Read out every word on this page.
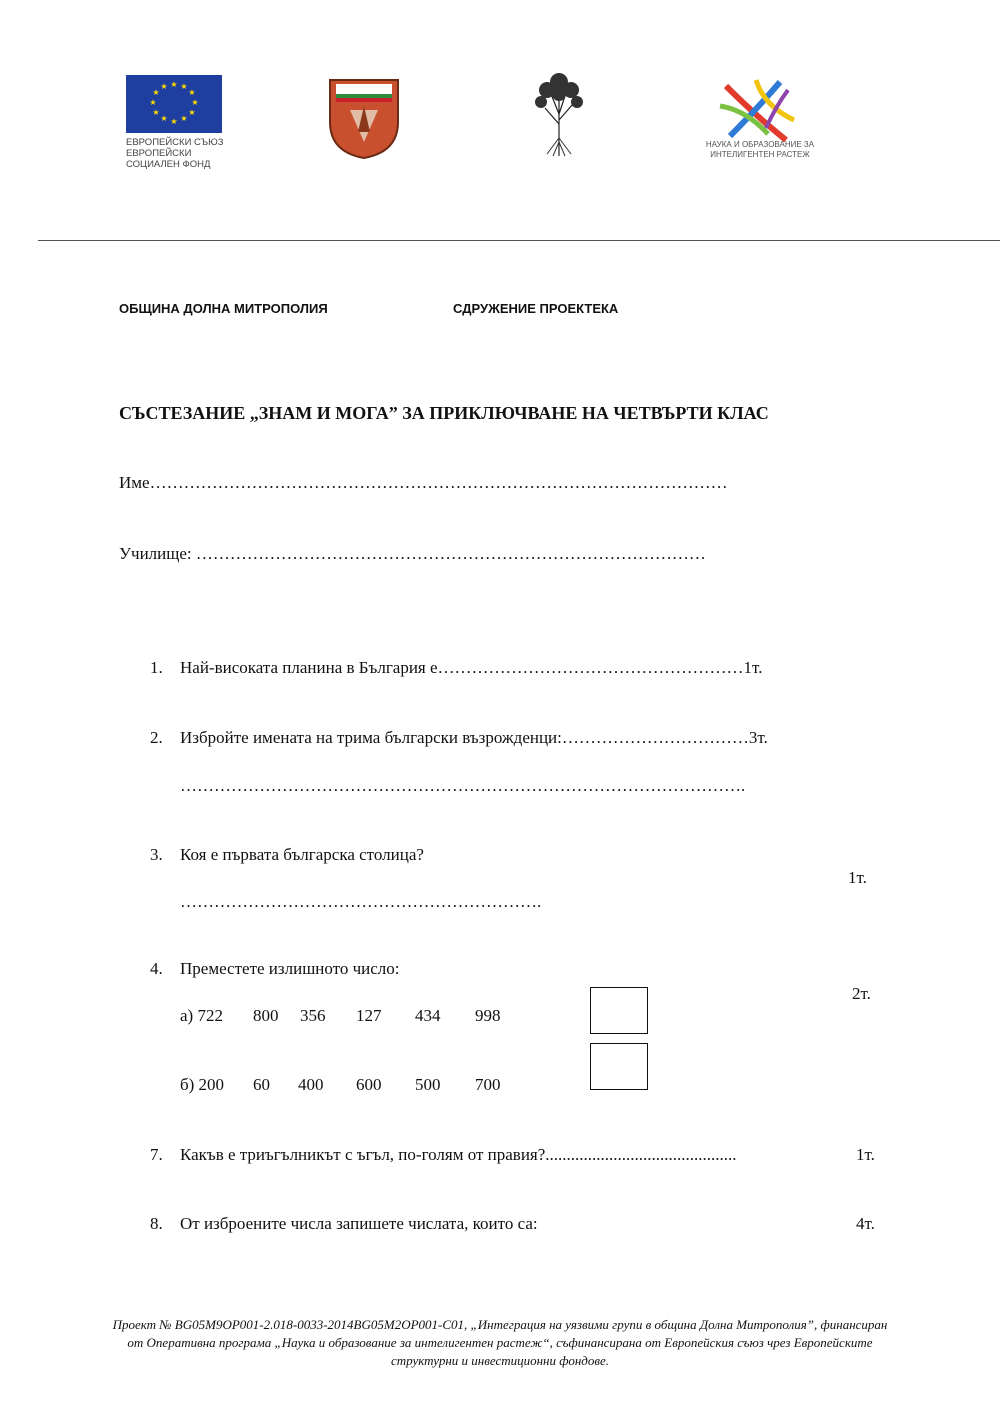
★ ★
★
★
★
★
★
★
★
★
★
★
ЕВРОПЕЙСКИ СЪЮЗ
ЕВРОПЕЙСКИ
СОЦИАЛЕН ФОНД
НАУКА И ОБРАЗОВАНИЕ ЗА
ИНТЕЛИГЕНТЕН РАСТЕЖ
ОБЩИНА ДОЛНА МИТРОПОЛИЯ	СДРУЖЕНИЕ ПРОЕКТЕКА
СЪСТЕЗАНИЕ „ЗНАМ И МОГА” ЗА ПРИКЛЮЧВАНЕ НА ЧЕТВЪРТИ КЛАС
Име…………………………………………………………………………………………
Училище: ………………………………………………………………………………
1. Най-високата планина в България е………………………………………………1т.
2. Избройте имената на трима български възрожденци:……………………………3т.
……………………………………………………………………………………….
3. Коя е първата българска столица?
1т.
……………………………………………………….
4. Преместете излишното число:
2т.
а) 722 800 356 127 434 998
б) 200 60 400 600 500 700
7. Какъв е триъгълникът с ъгъл, по-голям от правия?.............................................	1т.
8. От изброените числа запишете числата, които са:	4т.
Проект № BG05M9OP001-2.018-0033-2014BG05M2OP001-C01, „Интеграция на уязвими групи в община Долна Митрополия”, финансиран
от Оперативна програма „Наука и образование за интелигентен растеж“, съфинансирана от Европейския съюз чрез Европейските
структурни и инвестиционни фондове.
